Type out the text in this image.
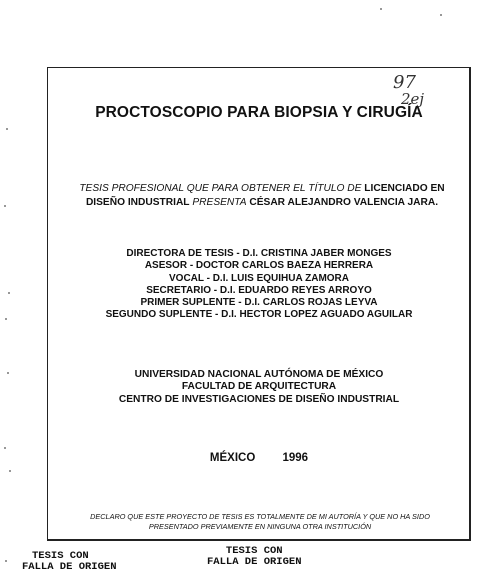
97
2ej
PROCTOSCOPIO PARA BIOPSIA Y CIRUGÍA
TESIS PROFESIONAL QUE PARA OBTENER EL TÍTULO DE LICENCIADO EN DISEÑO INDUSTRIAL PRESENTA CÉSAR ALEJANDRO VALENCIA JARA.
DIRECTORA DE TESIS - D.I. CRISTINA JABER MONGES
ASESOR - DOCTOR CARLOS BAEZA HERRERA
VOCAL - D.I. LUIS EQUIHUA ZAMORA
SECRETARIO - D.I. EDUARDO REYES ARROYO
PRIMER SUPLENTE - D.I. CARLOS ROJAS LEYVA
SEGUNDO SUPLENTE - D.I. HECTOR LOPEZ AGUADO AGUILAR
UNIVERSIDAD NACIONAL AUTÓNOMA DE MÉXICO
FACULTAD DE ARQUITECTURA
CENTRO DE INVESTIGACIONES DE DISEÑO INDUSTRIAL
MÉXICO 1996
DECLARO QUE ESTE PROYECTO DE TESIS ES TOTALMENTE DE MI AUTORÍA Y QUE NO HA SIDO
PRESENTADO PREVIAMENTE EN NINGUNA OTRA INSTITUCIÓN
TESIS CON
FALLA DE ORIGEN
TESIS CON
FALLA DE ORIGEN
